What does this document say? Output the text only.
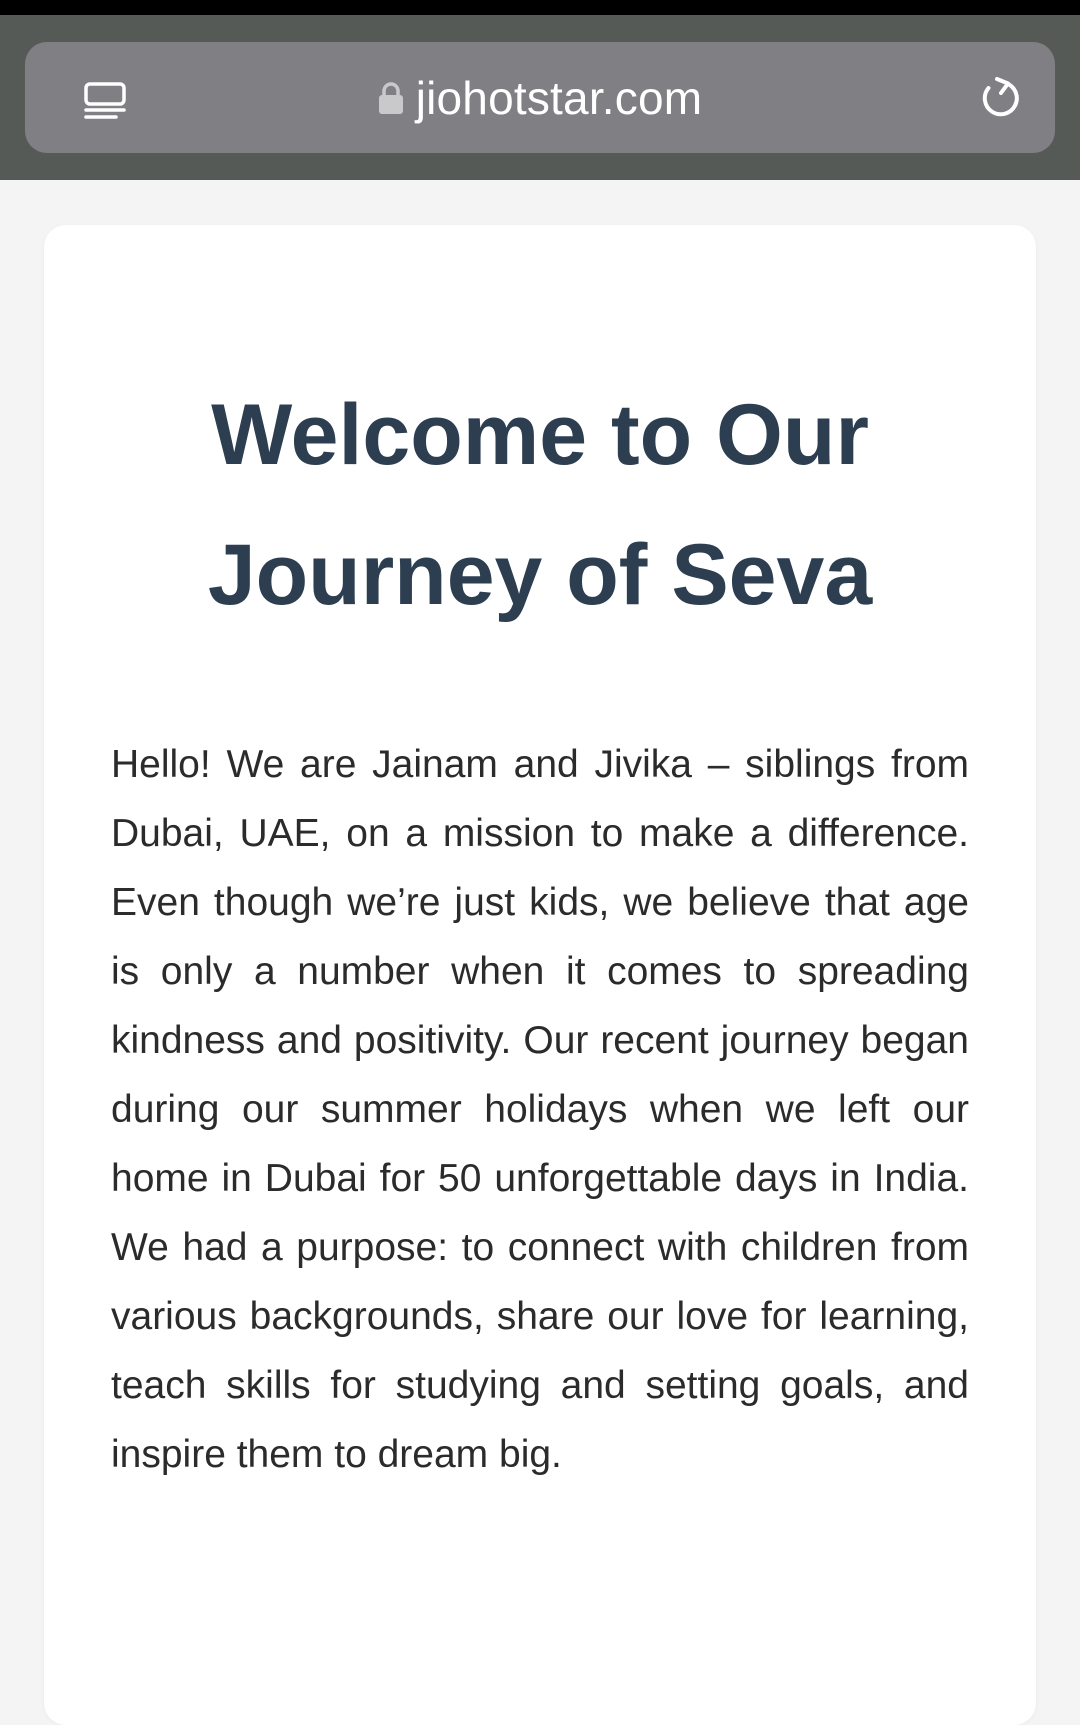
jiohotstar.com
Welcome to Our
Journey of Seva

Hello! We are Jainam and Jivika – siblings from Dubai, UAE, on a mission to make a difference. Even though we’re just kids, we believe that age is only a number when it comes to spreading kindness and positivity. Our recent journey began during our summer holidays when we left our home in Dubai for 50 unforgettable days in India. We had a purpose: to connect with children from various backgrounds, share our love for learning, teach skills for studying and setting goals, and inspire them to dream big.
